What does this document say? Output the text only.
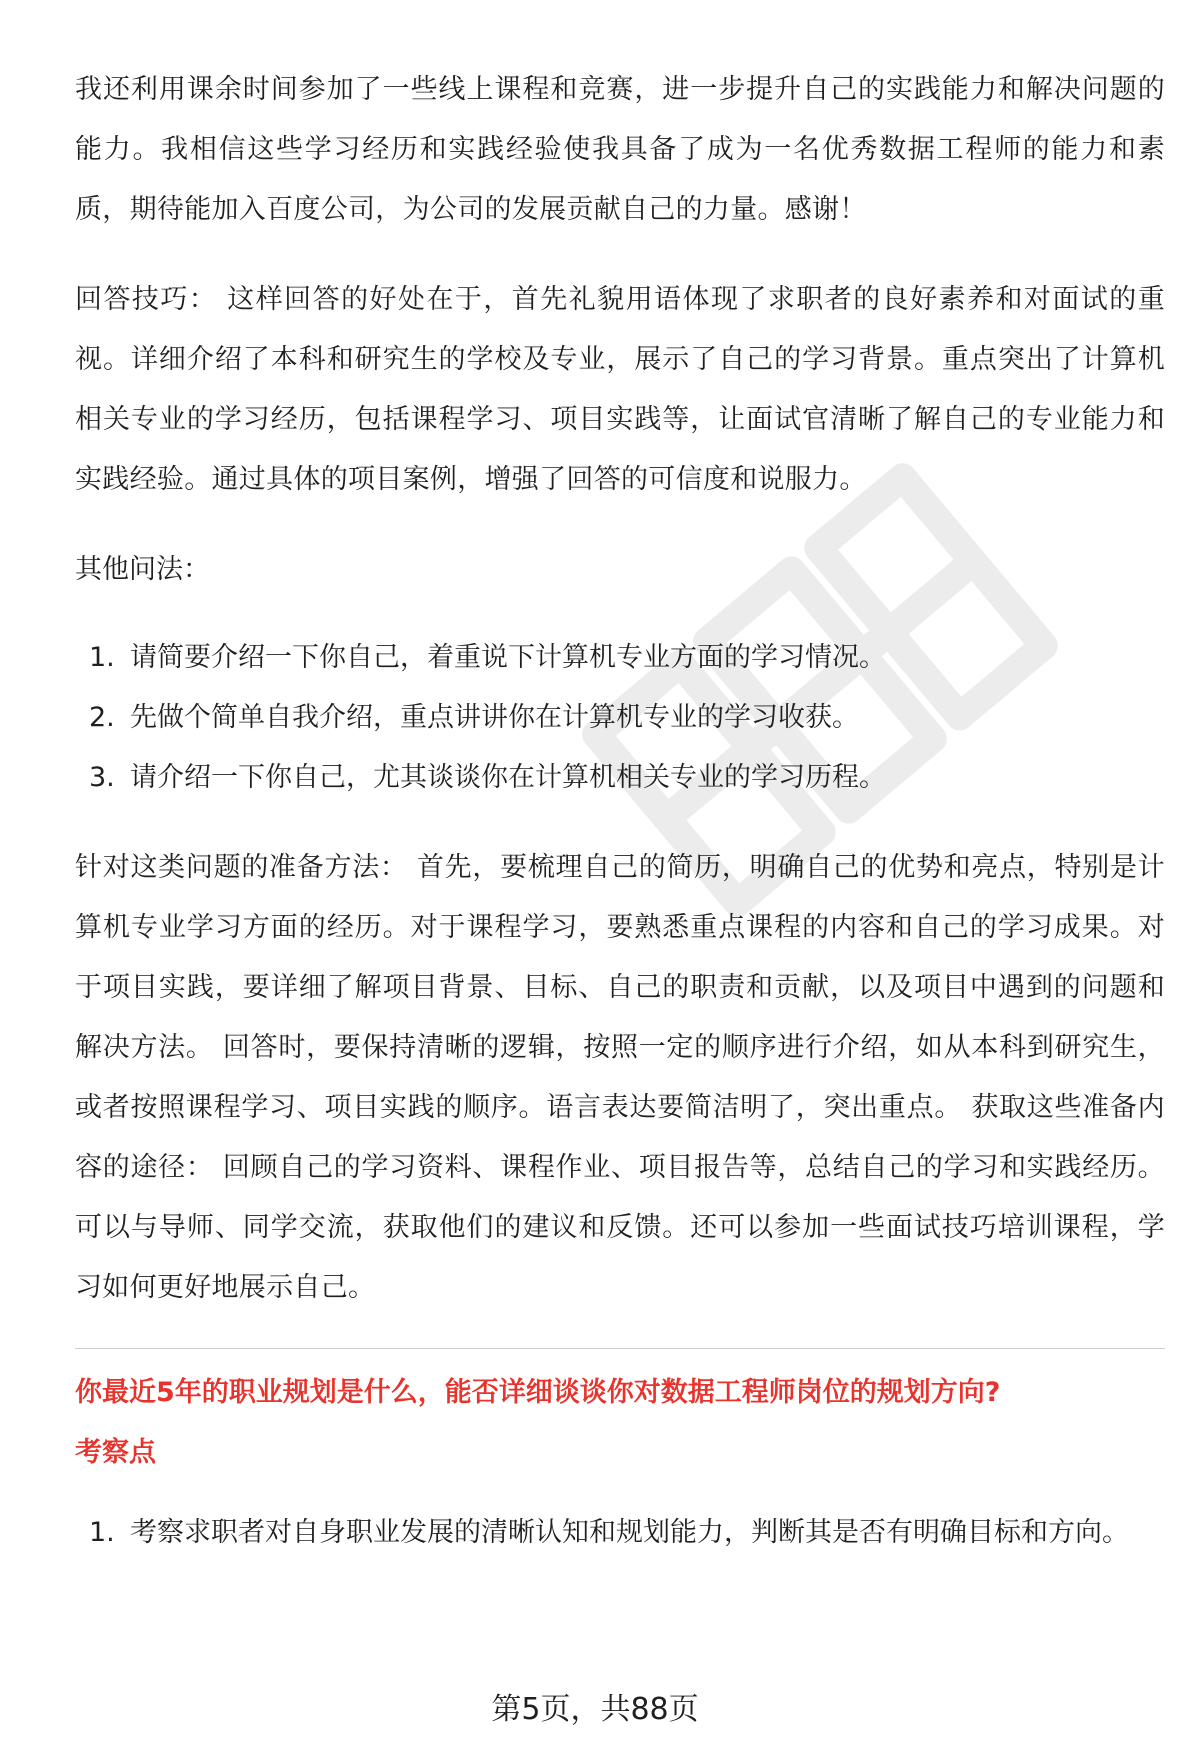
我还利用课余时间参加了一些线上课程和竞赛，进一步提升自己的实践能力和解决问题的能力。我相信这些学习经历和实践经验使我具备了成为一名优秀数据工程师的能力和素质，期待能加入百度公司，为公司的发展贡献自己的力量。感谢！

回答技巧： 这样回答的好处在于，首先礼貌用语体现了求职者的良好素养和对面试的重视。详细介绍了本科和研究生的学校及专业，展示了自己的学习背景。重点突出了计算机相关专业的学习经历，包括课程学习、项目实践等，让面试官清晰了解自己的专业能力和实践经验。通过具体的项目案例，增强了回答的可信度和说服力。

其他问法：

1. 请简要介绍一下你自己，着重说下计算机专业方面的学习情况。
2. 先做个简单自我介绍，重点讲讲你在计算机专业的学习收获。
3. 请介绍一下你自己，尤其谈谈你在计算机相关专业的学习历程。

针对这类问题的准备方法： 首先，要梳理自己的简历，明确自己的优势和亮点，特别是计算机专业学习方面的经历。对于课程学习，要熟悉重点课程的内容和自己的学习成果。对于项目实践，要详细了解项目背景、目标、自己的职责和贡献，以及项目中遇到的问题和解决方法。 回答时，要保持清晰的逻辑，按照一定的顺序进行介绍，如从本科到研究生，或者按照课程学习、项目实践的顺序。语言表达要简洁明了，突出重点。 获取这些准备内容的途径： 回顾自己的学习资料、课程作业、项目报告等，总结自己的学习和实践经历。可以与导师、同学交流，获取他们的建议和反馈。还可以参加一些面试技巧培训课程，学习如何更好地展示自己。

你最近5年的职业规划是什么，能否详细谈谈你对数据工程师岗位的规划方向?

考察点

1. 考察求职者对自身职业发展的清晰认知和规划能力，判断其是否有明确目标和方向。
第5页，共88页
